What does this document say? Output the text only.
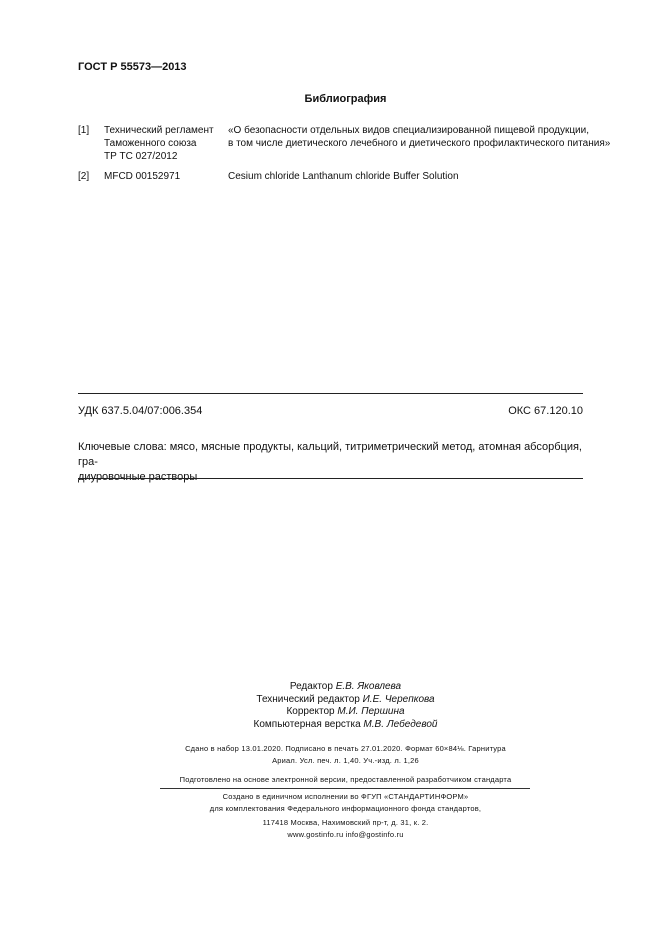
ГОСТ Р 55573—2013
Библиография
[1] Технический регламент
Таможенного союза
ТР ТС 027/2012
«О безопасности отдельных видов специализированной пищевой продукции,
в том числе диетического лечебного и диетического профилактического питания»
[2] MFCD 00152971	Cesium chloride Lanthanum chloride Buffer Solution
УДК 637.5.04/07:006.354	ОКС 67.120.10
Ключевые слова: мясо, мясные продукты, кальций, титриметрический метод, атомная абсорбция, гра-
диуровочные растворы
Редактор Е.В. Яковлева
Технический редактор И.Е. Черепкова
Корректор М.И. Першина
Компьютерная верстка М.В. Лебедевой
Сдано в набор 13.01.2020. Подписано в печать 27.01.2020. Формат 60×84⅛. Гарнитура
Ариал. Усл. печ. л. 1,40. Уч.-изд. л. 1,26
Подготовлено на основе электронной версии, предоставленной разработчиком стандарта
Создано в единичном исполнении во ФГУП «СТАНДАРТИНФОРМ»
для комплектования Федерального информационного фонда стандартов,
117418 Москва, Нахимовский пр-т, д. 31, к. 2.
www.gostinfo.ru info@gostinfo.ru
